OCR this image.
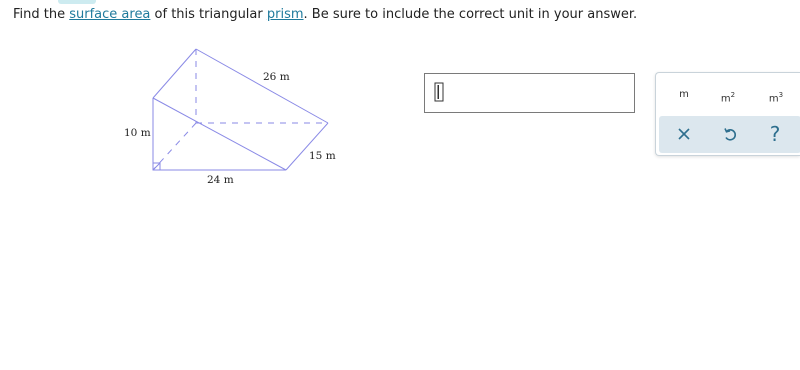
Find the surface area of this triangular prism. Be sure to include the correct unit in your answer.
26 m
10 m
15 m
24 m
m	$m^2$	$m^3$
?
